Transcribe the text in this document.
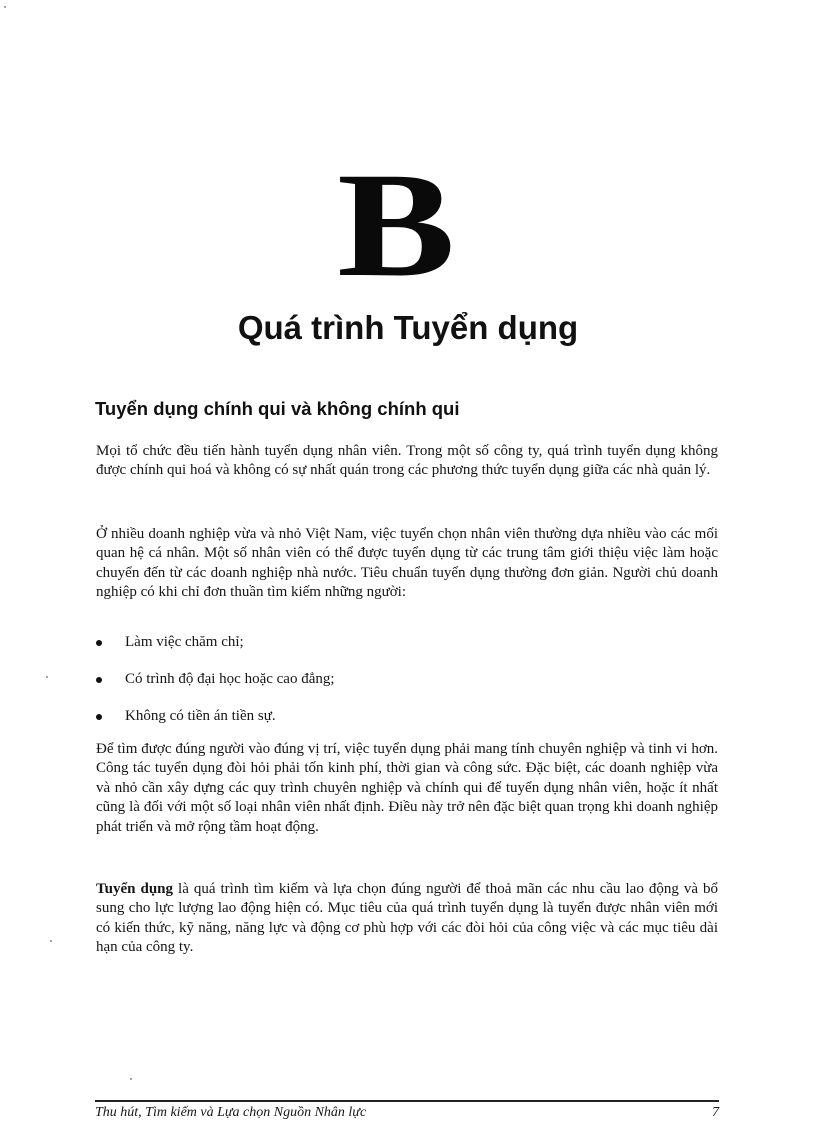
B
Quá trình Tuyển dụng
Tuyển dụng chính qui và không chính qui

Mọi tổ chức đều tiến hành tuyển dụng nhân viên. Trong một số công ty, quá trình tuyển dụng không được chính qui hoá và không có sự nhất quán trong các phương thức tuyển dụng giữa các nhà quản lý.

Ở nhiều doanh nghiệp vừa và nhỏ Việt Nam, việc tuyển chọn nhân viên thường dựa nhiều vào các mối quan hệ cá nhân. Một số nhân viên có thể được tuyển dụng từ các trung tâm giới thiệu việc làm hoặc chuyển đến từ các doanh nghiệp nhà nước. Tiêu chuẩn tuyển dụng thường đơn giản. Người chủ doanh nghiệp có khi chỉ đơn thuần tìm kiếm những người:

Làm việc chăm chỉ;
Có trình độ đại học hoặc cao đẳng;
Không có tiền án tiền sự.

Để tìm được đúng người vào đúng vị trí, việc tuyển dụng phải mang tính chuyên nghiệp và tinh vi hơn. Công tác tuyển dụng đòi hỏi phải tốn kinh phí, thời gian và công sức. Đặc biệt, các doanh nghiệp vừa và nhỏ cần xây dựng các quy trình chuyên nghiệp và chính qui để tuyển dụng nhân viên, hoặc ít nhất cũng là đối với một số loại nhân viên nhất định. Điều này trở nên đặc biệt quan trọng khi doanh nghiệp phát triển và mở rộng tầm hoạt động.

Tuyển dụng là quá trình tìm kiếm và lựa chọn đúng người để thoả mãn các nhu cầu lao động và bổ sung cho lực lượng lao động hiện có. Mục tiêu của quá trình tuyển dụng là tuyển được nhân viên mới có kiến thức, kỹ năng, năng lực và động cơ phù hợp với các đòi hỏi của công việc và các mục tiêu dài hạn của công ty.

Thu hút, Tìm kiếm và Lựa chọn Nguồn Nhân lực	7
